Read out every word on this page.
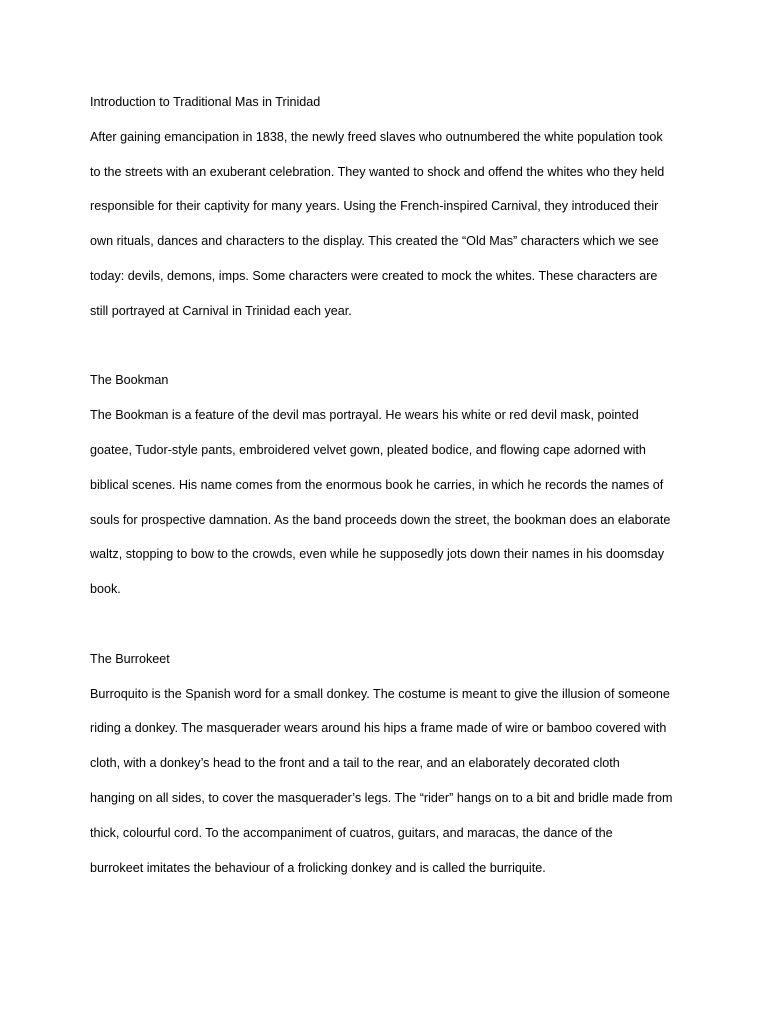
Introduction to Traditional Mas in Trinidad
After gaining emancipation in 1838, the newly freed slaves who outnumbered the white population took
to the streets with an exuberant celebration. They wanted to shock and offend the whites who they held
responsible for their captivity for many years. Using the French-inspired Carnival, they introduced their
own rituals, dances and characters to the display. This created the “Old Mas” characters which we see
today: devils, demons, imps. Some characters were created to mock the whites. These characters are
still portrayed at Carnival in Trinidad each year.
The Bookman
The Bookman is a feature of the devil mas portrayal. He wears his white or red devil mask, pointed
goatee, Tudor-style pants, embroidered velvet gown, pleated bodice, and flowing cape adorned with
biblical scenes. His name comes from the enormous book he carries, in which he records the names of
souls for prospective damnation. As the band proceeds down the street, the bookman does an elaborate
waltz, stopping to bow to the crowds, even while he supposedly jots down their names in his doomsday
book.
The Burrokeet
Burroquito is the Spanish word for a small donkey. The costume is meant to give the illusion of someone
riding a donkey. The masquerader wears around his hips a frame made of wire or bamboo covered with
cloth, with a donkey’s head to the front and a tail to the rear, and an elaborately decorated cloth
hanging on all sides, to cover the masquerader’s legs. The “rider” hangs on to a bit and bridle made from
thick, colourful cord. To the accompaniment of cuatros, guitars, and maracas, the dance of the
burrokeet imitates the behaviour of a frolicking donkey and is called the burriquite.
